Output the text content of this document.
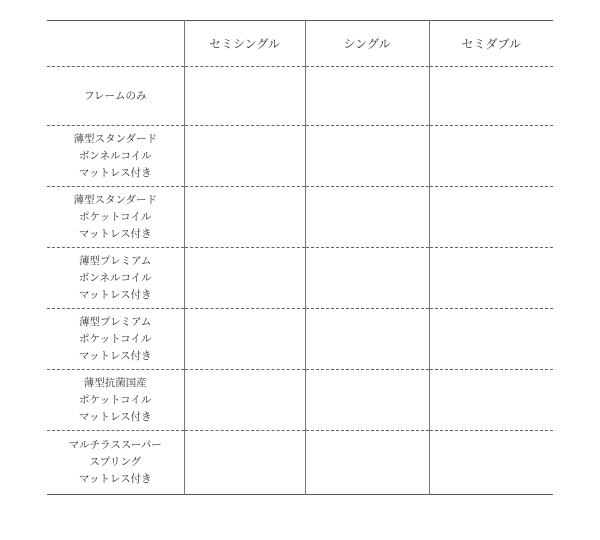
	セミシングル	シングル	セミダブル

フレームのみ			

薄型スタンダード
ボンネルコイル
マットレス付き			

薄型スタンダード
ポケットコイル
マットレス付き			

薄型プレミアム
ボンネルコイル
マットレス付き			

薄型プレミアム
ポケットコイル
マットレス付き			

薄型抗菌国産
ポケットコイル
マットレス付き			

マルチラススーパー
スプリング
マットレス付き			
